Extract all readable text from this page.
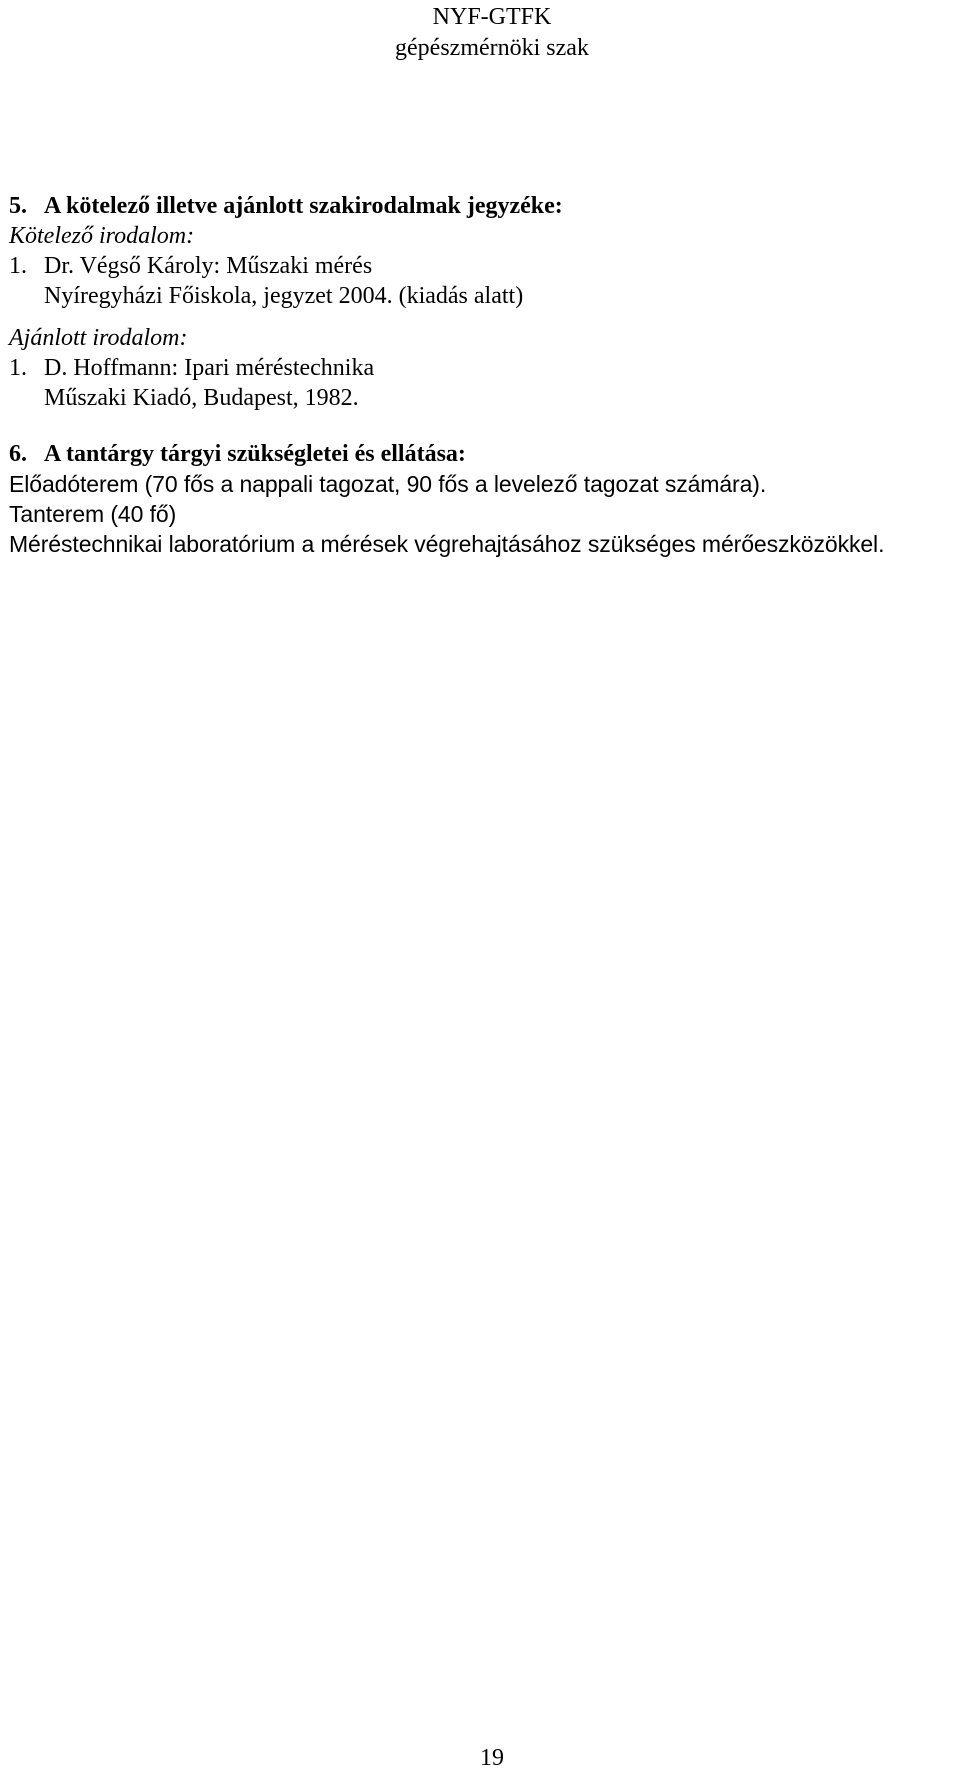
NYF-GTFK
gépészmérnöki szak
5. A kötelező illetve ajánlott szakirodalmak jegyzéke:
Kötelező irodalom:
1. Dr. Végső Károly: Műszaki mérés
Nyíregyházi Főiskola, jegyzet 2004. (kiadás alatt)
Ajánlott irodalom:
1. D. Hoffmann: Ipari méréstechnika
Műszaki Kiadó, Budapest, 1982.
6. A tantárgy tárgyi szükségletei és ellátása:
Előadóterem (70 fős a nappali tagozat, 90 fős a levelező tagozat számára).
Tanterem (40 fő)
Méréstechnikai laboratórium a mérések végrehajtásához szükséges mérőeszközökkel.
19
